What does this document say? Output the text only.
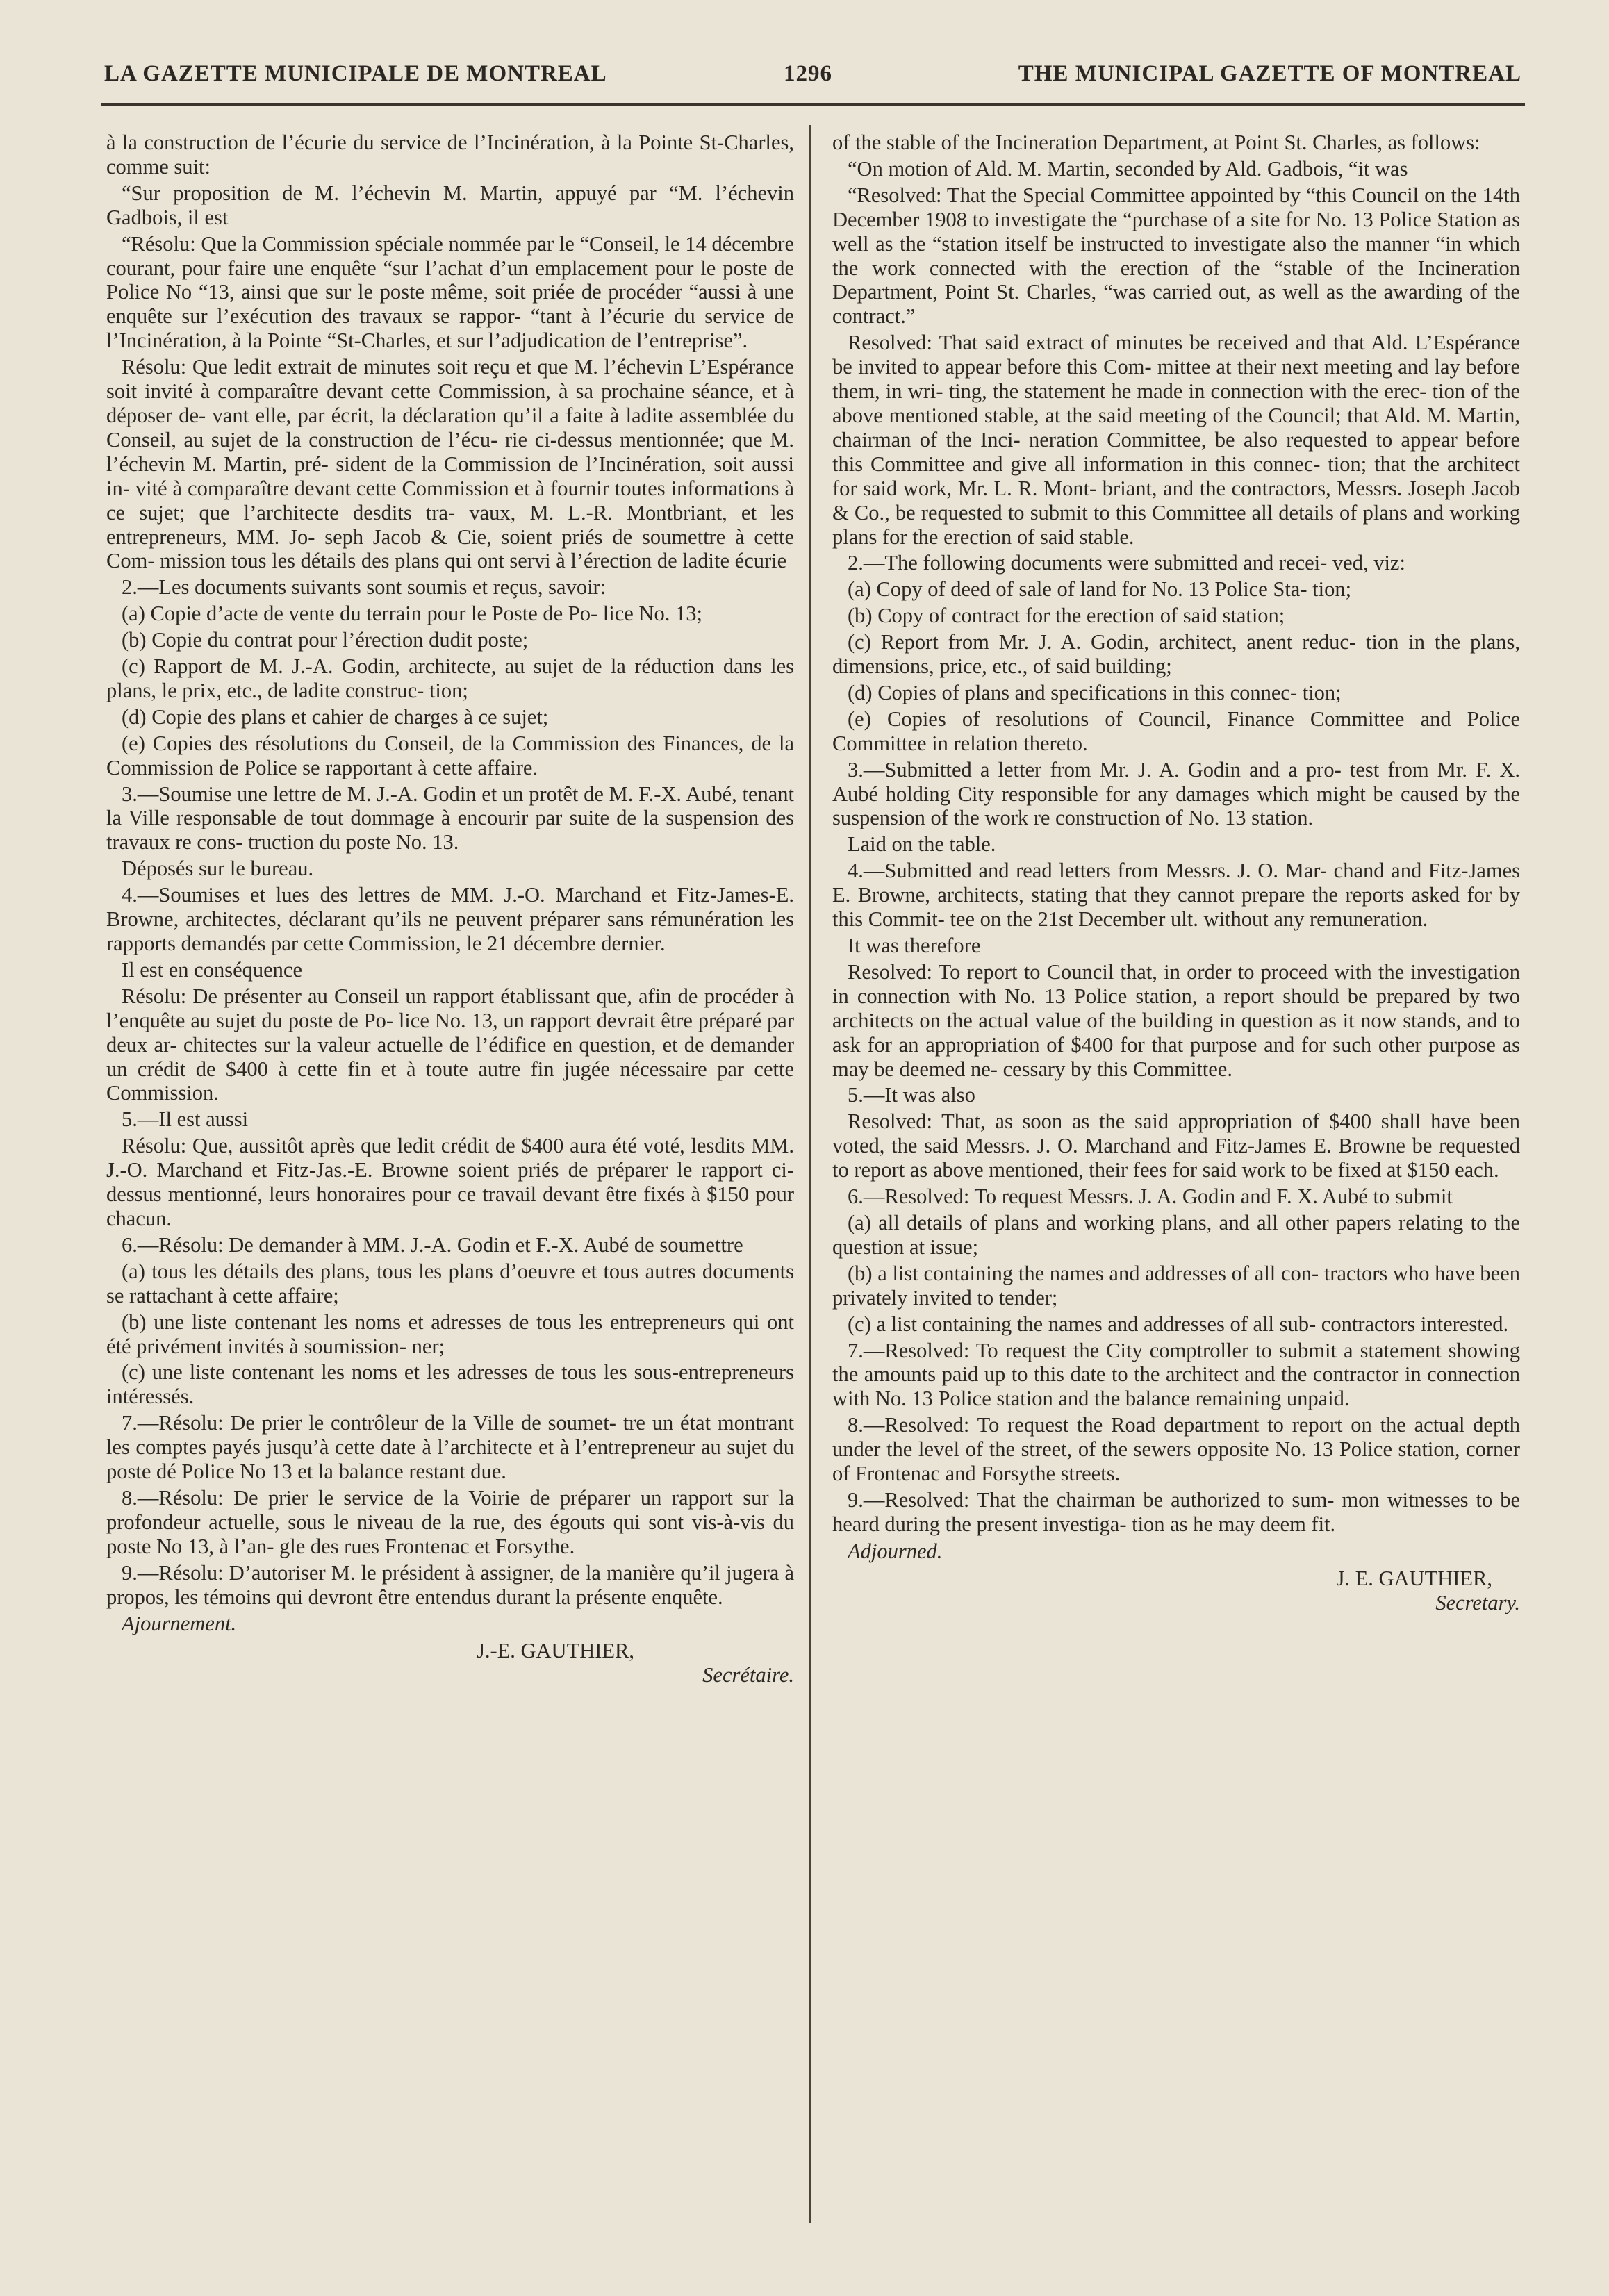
LA GAZETTE MUNICIPALE DE MONTREAL	1296	THE MUNICIPAL GAZETTE OF MONTREAL

à la construction de l’écurie du service de l’Incinération, à la Pointe St-Charles, comme suit:

“Sur proposition de M. l’échevin M. Martin, appuyé par “M. l’échevin Gadbois, il est

“Résolu: Que la Commission spéciale nommée par le “Conseil, le 14 décembre courant, pour faire une enquête “sur l’achat d’un emplacement pour le poste de Police No “13, ainsi que sur le poste même, soit priée de procéder “aussi à une enquête sur l’exécution des travaux se rappor- “tant à l’écurie du service de l’Incinération, à la Pointe “St-Charles, et sur l’adjudication de l’entreprise”.

Résolu: Que ledit extrait de minutes soit reçu et que M. l’échevin L’Espérance soit invité à comparaître devant cette Commission, à sa prochaine séance, et à déposer de- vant elle, par écrit, la déclaration qu’il a faite à ladite assemblée du Conseil, au sujet de la construction de l’écu- rie ci-dessus mentionnée; que M. l’échevin M. Martin, pré- sident de la Commission de l’Incinération, soit aussi in- vité à comparaître devant cette Commission et à fournir toutes informations à ce sujet; que l’architecte desdits tra- vaux, M. L.-R. Montbriant, et les entrepreneurs, MM. Jo- seph Jacob & Cie, soient priés de soumettre à cette Com- mission tous les détails des plans qui ont servi à l’érection de ladite écurie

2.—Les documents suivants sont soumis et reçus, savoir:

(a) Copie d’acte de vente du terrain pour le Poste de Po- lice No. 13;

(b) Copie du contrat pour l’érection dudit poste;

(c) Rapport de M. J.-A. Godin, architecte, au sujet de la réduction dans les plans, le prix, etc., de ladite construc- tion;

(d) Copie des plans et cahier de charges à ce sujet;

(e) Copies des résolutions du Conseil, de la Commission des Finances, de la Commission de Police se rapportant à cette affaire.

3.—Soumise une lettre de M. J.-A. Godin et un protêt de M. F.-X. Aubé, tenant la Ville responsable de tout dommage à encourir par suite de la suspension des travaux re cons- truction du poste No. 13.

Déposés sur le bureau.

4.—Soumises et lues des lettres de MM. J.-O. Marchand et Fitz-James-E. Browne, architectes, déclarant qu’ils ne peuvent préparer sans rémunération les rapports demandés par cette Commission, le 21 décembre dernier.

Il est en conséquence

Résolu: De présenter au Conseil un rapport établissant que, afin de procéder à l’enquête au sujet du poste de Po- lice No. 13, un rapport devrait être préparé par deux ar- chitectes sur la valeur actuelle de l’édifice en question, et de demander un crédit de $400 à cette fin et à toute autre fin jugée nécessaire par cette Commission.

5.—Il est aussi

Résolu: Que, aussitôt après que ledit crédit de $400 aura été voté, lesdits MM. J.-O. Marchand et Fitz-Jas.-E. Browne soient priés de préparer le rapport ci-dessus mentionné, leurs honoraires pour ce travail devant être fixés à $150 pour chacun.

6.—Résolu: De demander à MM. J.-A. Godin et F.-X. Aubé de soumettre

(a) tous les détails des plans, tous les plans d’oeuvre et tous autres documents se rattachant à cette affaire;

(b) une liste contenant les noms et adresses de tous les entrepreneurs qui ont été privément invités à soumission- ner;

(c) une liste contenant les noms et les adresses de tous les sous-entrepreneurs intéressés.

7.—Résolu: De prier le contrôleur de la Ville de soumet- tre un état montrant les comptes payés jusqu’à cette date à l’architecte et à l’entrepreneur au sujet du poste dé Police No 13 et la balance restant due.

8.—Résolu: De prier le service de la Voirie de préparer un rapport sur la profondeur actuelle, sous le niveau de la rue, des égouts qui sont vis-à-vis du poste No 13, à l’an- gle des rues Frontenac et Forsythe.

9.—Résolu: D’autoriser M. le président à assigner, de la manière qu’il jugera à propos, les témoins qui devront être entendus durant la présente enquête.

Ajournement.

J.-E. GAUTHIER,
Secrétaire.

of the stable of the Incineration Department, at Point St. Charles, as follows:

“On motion of Ald. M. Martin, seconded by Ald. Gadbois, “it was

“Resolved: That the Special Committee appointed by “this Council on the 14th December 1908 to investigate the “purchase of a site for No. 13 Police Station as well as the “station itself be instructed to investigate also the manner “in which the work connected with the erection of the “stable of the Incineration Department, Point St. Charles, “was carried out, as well as the awarding of the contract.”

Resolved: That said extract of minutes be received and that Ald. L’Espérance be invited to appear before this Com- mittee at their next meeting and lay before them, in wri- ting, the statement he made in connection with the erec- tion of the above mentioned stable, at the said meeting of the Council; that Ald. M. Martin, chairman of the Inci- neration Committee, be also requested to appear before this Committee and give all information in this connec- tion; that the architect for said work, Mr. L. R. Mont- briant, and the contractors, Messrs. Joseph Jacob & Co., be requested to submit to this Committee all details of plans and working plans for the erection of said stable.

2.—The following documents were submitted and recei- ved, viz:

(a) Copy of deed of sale of land for No. 13 Police Sta- tion;

(b) Copy of contract for the erection of said station;

(c) Report from Mr. J. A. Godin, architect, anent reduc- tion in the plans, dimensions, price, etc., of said building;

(d) Copies of plans and specifications in this connec- tion;

(e) Copies of resolutions of Council, Finance Committee and Police Committee in relation thereto.

3.—Submitted a letter from Mr. J. A. Godin and a pro- test from Mr. F. X. Aubé holding City responsible for any damages which might be caused by the suspension of the work re construction of No. 13 station.

Laid on the table.

4.—Submitted and read letters from Messrs. J. O. Mar- chand and Fitz-James E. Browne, architects, stating that they cannot prepare the reports asked for by this Commit- tee on the 21st December ult. without any remuneration.

It was therefore

Resolved: To report to Council that, in order to proceed with the investigation in connection with No. 13 Police station, a report should be prepared by two architects on the actual value of the building in question as it now stands, and to ask for an appropriation of $400 for that purpose and for such other purpose as may be deemed ne- cessary by this Committee.

5.—It was also

Resolved: That, as soon as the said appropriation of $400 shall have been voted, the said Messrs. J. O. Marchand and Fitz-James E. Browne be requested to report as above mentioned, their fees for said work to be fixed at $150 each.

6.—Resolved: To request Messrs. J. A. Godin and F. X. Aubé to submit

(a) all details of plans and working plans, and all other papers relating to the question at issue;

(b) a list containing the names and addresses of all con- tractors who have been privately invited to tender;

(c) a list containing the names and addresses of all sub- contractors interested.

7.—Resolved: To request the City comptroller to submit a statement showing the amounts paid up to this date to the architect and the contractor in connection with No. 13 Police station and the balance remaining unpaid.

8.—Resolved: To request the Road department to report on the actual depth under the level of the street, of the sewers opposite No. 13 Police station, corner of Frontenac and Forsythe streets.

9.—Resolved: That the chairman be authorized to sum- mon witnesses to be heard during the present investiga- tion as he may deem fit.

Adjourned.

J. E. GAUTHIER,
Secretary.
